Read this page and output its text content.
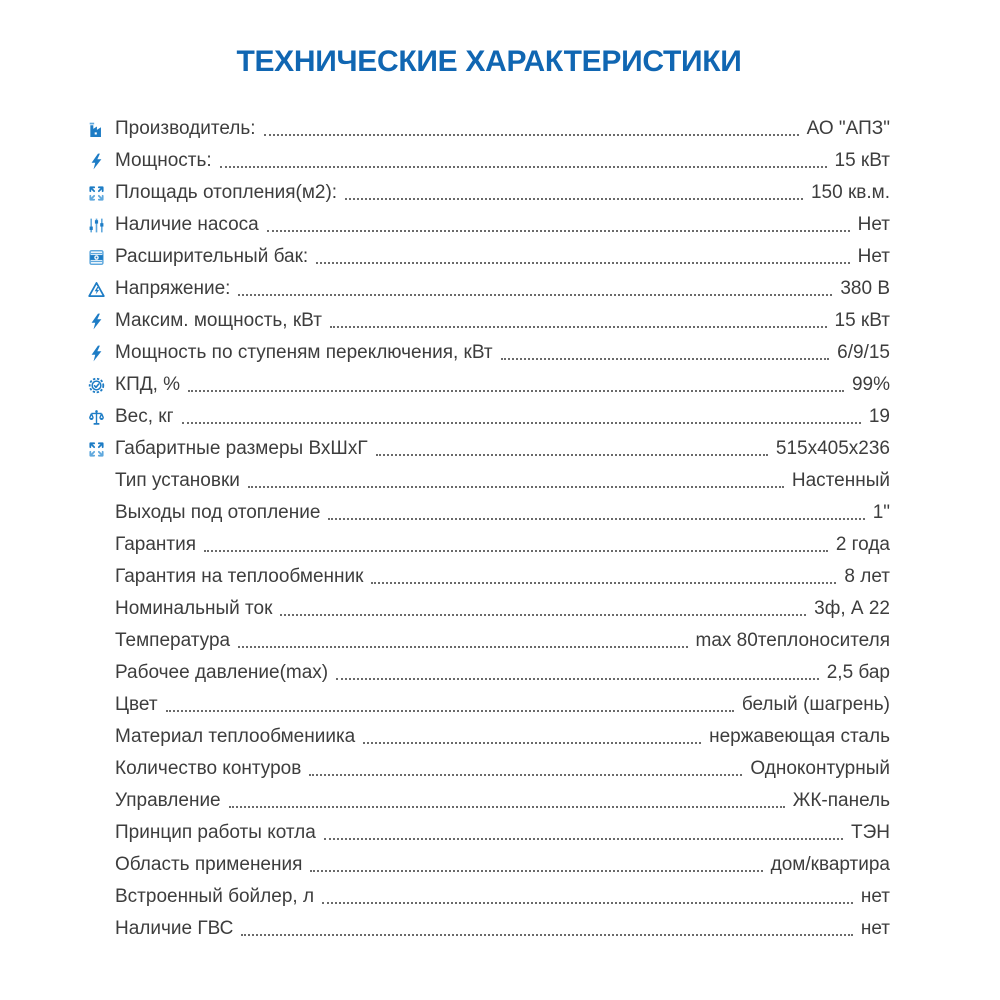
ТЕХНИЧЕСКИЕ ХАРАКТЕРИСТИКИ
Производитель:	АО "АПЗ"
Мощность:	15 кВт
Площадь отопления(м2):	150 кв.м.
Наличие насоса	Нет
Расширительный бак:	Нет
Напряжение:	380 В
Максим. мощность, кВт	15 кВт
Мощность по ступеням переключения, кВт	6/9/15
КПД, %	99%
Вес, кг	19
Габаритные размеры ВхШхГ	515x405x236
Тип установки	Настенный
Выходы под отопление	1"
Гарантия	2 года
Гарантия на теплообменник	8 лет
Номинальный ток	3ф, А 22
Температура	max 80теплоносителя
Рабочее давление(max)	2,5 бар
Цвет	белый (шагрень)
Материал теплообмениика	нержавеющая сталь
Количество контуров	Одноконтурный
Управление	ЖК-панель
Принцип работы котла	ТЭН
Область применения	дом/квартира
Встроенный бойлер, л	нет
Наличие ГВС	нет
